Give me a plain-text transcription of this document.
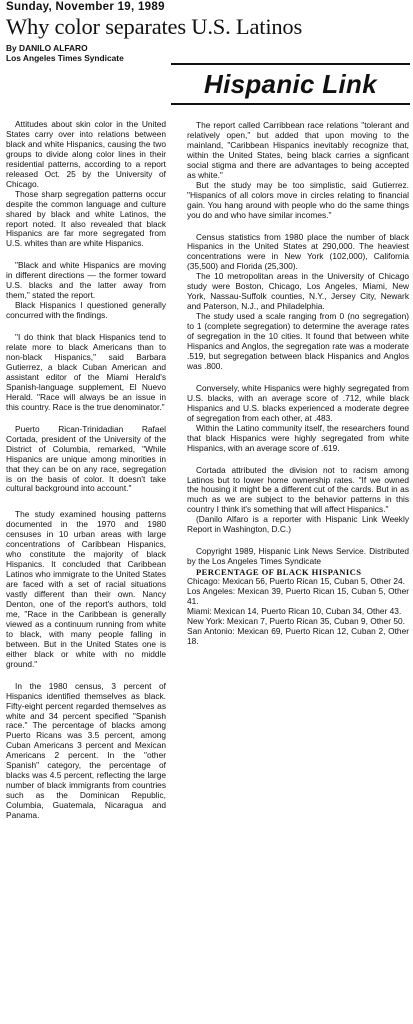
Sunday, November 19, 1989
Why color separates U.S. Latinos
By DANILO ALFARO
Los Angeles Times Syndicate
Hispanic Link

Attitudes about skin color in the United States carry over into relations between black and white Hispanics, causing the two groups to divide along color lines in their residential patterns, according to a report released Oct. 25 by the University of Chicago.

Those sharp segregation patterns occur despite the common language and culture shared by black and white Latinos, the report noted. It also revealed that black Hispanics are far more segregated from U.S. whites than are white Hispanics.

"Black and white Hispanics are moving in different directions — the former toward U.S. blacks and the latter away from them," stated the report.

Black Hispanics I questioned generally concurred with the findings.

"I do think that black Hispanics tend to relate more to black Americans than to non-black Hispanics," said Barbara Gutierrez, a black Cuban American and assistant editor of the Miami Herald's Spanish-language supplement, El Nuevo Herald. "Race will always be an issue in this country. Race is the true denominator."

Puerto Rican-Trinidadian Rafael Cortada, president of the University of the District of Columbia, remarked, "While Hispanics are unique among minorities in that they can be on any race, segregation is on the basis of color. It doesn't take cultural background into account."

The study examined housing patterns documented in the 1970 and 1980 censuses in 10 urban areas with large concentrations of Caribbean Hispanics, who constitute the majority of black Hispanics. It concluded that Caribbean Latinos who immigrate to the United States are faced with a set of racial situations vastly different than their own. Nancy Denton, one of the report's authors, told me, "Race in the Caribbean is generally viewed as a continuum running from white to black, with many people falling in between. But in the United States one is either black or white with no middle ground."

In the 1980 census, 3 percent of Hispanics identified themselves as black. Fifty-eight percent regarded themselves as white and 34 percent specified "Spanish race." The percentage of blacks among Puerto Ricans was 3.5 percent, among Cuban Americans 3 percent and Mexican Americans 2 percent. In the "other Spanish" category, the percentage of blacks was 4.5 percent, reflecting the large number of black immigrants from countries such as the Dominican Republic, Columbia, Guatemala, Nicaragua and Panama.

The report called Carribbean race relations "tolerant and relatively open," but added that upon moving to the mainland, "Caribbean Hispanics inevitably recognize that, within the United States, being black carries a signficant social stigma and there are advantages to being accepted as white."

But the study may be too simplistic, said Gutierrez. "Hispanics of all colors move in circles relating to financial gain. You hang around with people who do the same things you do and who have similar incomes."

Census statistics from 1980 place the number of black Hispanics in the United States at 290,000. The heaviest concentrations were in New York (102,000), California (35,500) and Florida (25,300).

The 10 metropolitan areas in the University of Chicago study were Boston, Chicago, Los Angeles, Miami, New York, Nassau-Suffolk counties, N.Y., Jersey City, Newark and Paterson, N.J., and Philadelphia.

The study used a scale ranging from 0 (no segregation) to 1 (complete segregation) to determine the average rates of segregation in the 10 cities. It found that between white Hispanics and Anglos, the segregation rate was a moderate .519, but segregation between black Hispanics and Anglos was .800.

Conversely, white Hispanics were highly segregated from U.S. blacks, with an average score of .712, while black Hispanics and U.S. blacks experienced a moderate degree of segregation from each other, at .483.

Within the Latino community itself, the researchers found that black Hispanics were highly segregated from white Hispanics, with an average score of .619.

Cortada attributed the division not to racism among Latinos but to lower home ownership rates. "If we owned the housing it might be a different cut of the cards. But in as much as we are subject to the behavior patterns in this country I think it's something that will affect Hispanics."

(Danilo Alfaro is a reporter with Hispanic Link Weekly Report in Washington, D.C.)

Copyright 1989, Hispanic Link News Service. Distributed by the Los Angeles Times Syndicate

PERCENTAGE OF BLACK HISPANICS

Chicago: Mexican 56, Puerto Rican 15, Cuban 5, Other 24.

Los Angeles: Mexican 39, Puerto Rican 15, Cuban 5, Other 41.

Miami: Mexican 14, Puerto Rican 10, Cuban 34, Other 43.

New York: Mexican 7, Puerto Rican 35, Cuban 9, Other 50.

San Antonio: Mexican 69, Puerto Rican 12, Cuban 2, Other 18.
